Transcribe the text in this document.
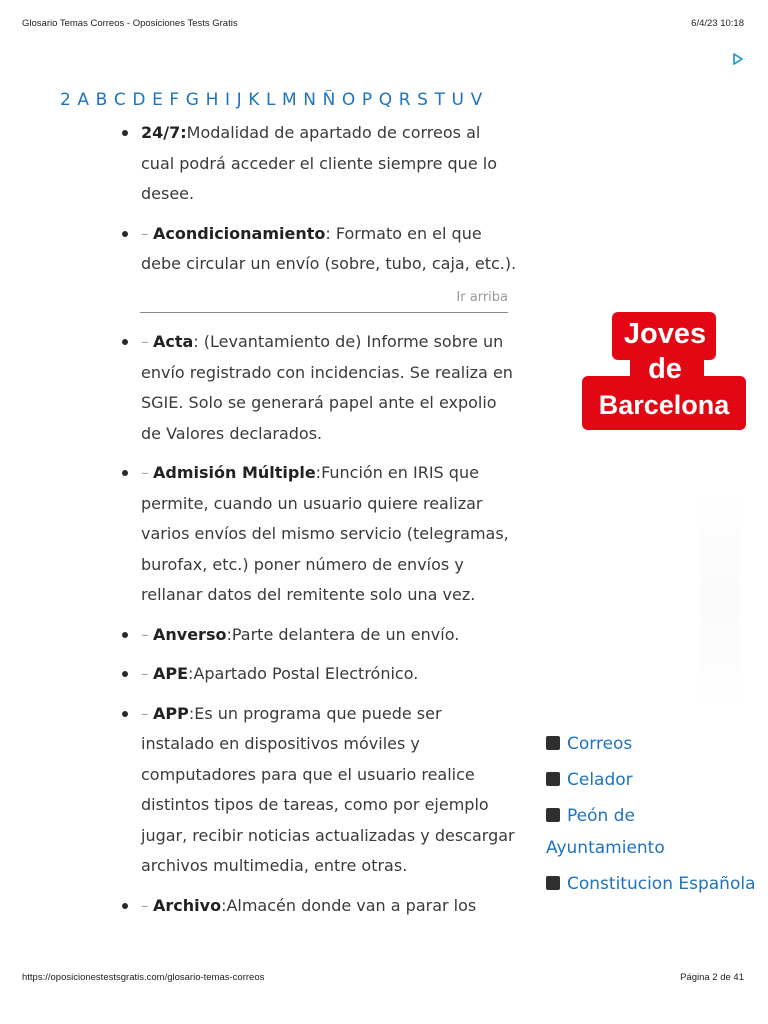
Glosario Temas Correos - Oposiciones Tests Gratis	6/4/23 10:18
2 A B C D E F G H I J K L M N Ñ O P Q R S T U V
24/7:Modalidad de apartado de correos al cual podrá acceder el cliente siempre que lo desee.
– Acondicionamiento: Formato en el que debe circular un envío (sobre, tubo, caja, etc.).
Ir arriba
– Acta: (Levantamiento de) Informe sobre un envío registrado con incidencias. Se realiza en SGIE. Solo se generará papel ante el expolio de Valores declarados.
– Admisión Múltiple:Función en IRIS que permite, cuando un usuario quiere realizar varios envíos del mismo servicio (telegramas, burofax, etc.) poner número de envíos y rellanar datos del remitente solo una vez.
– Anverso:Parte delantera de un envío.
– APE:Apartado Postal Electrónico.
– APP:Es un programa que puede ser instalado en dispositivos móviles y computadores para que el usuario realice distintos tipos de tareas, como por ejemplo jugar, recibir noticias actualizadas y descargar archivos multimedia, entre otras.
– Archivo:Almacén donde van a parar los
Joves
de
Barcelona
Correos
Celador
Peón de Ayuntamiento
Constitucion Española
https://oposicionestestsgratis.com/glosario-temas-correos	Página 2 de 41
